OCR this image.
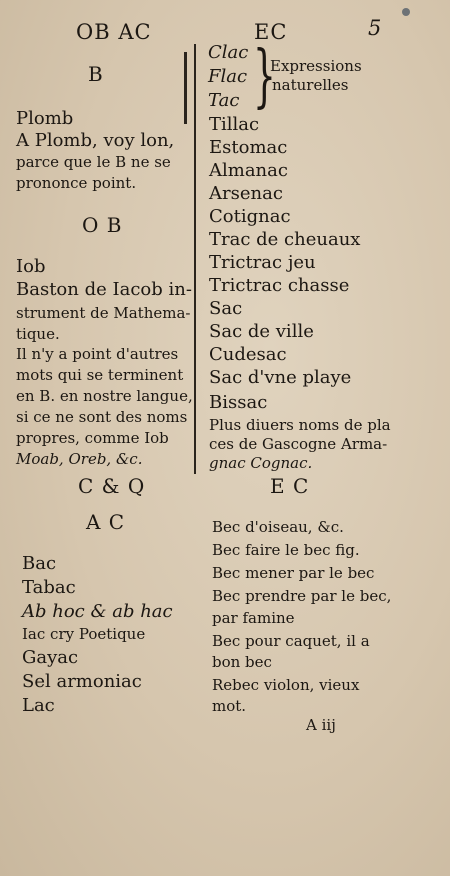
OB AC	EC	5
B
Plomb
A Plomb, voy lon,
parce que le B ne se
prononce point.
O B
Iob
Baston de Iacob in-
strument de Mathema-
tique.
Il n'y a point d'autres
mots qui se terminent
en B. en nostre langue,
si ce ne sont des noms
propres, comme Iob
Moab, Oreb, &c.
C & Q
A C
Bac
Tabac
Ab hoc & ab hac
Iac cry Poetique
Gayac
Sel armoniac
Lac
Clac
Flac
Tac }
Expressions
naturelles
Tillac
Estomac
Almanac
Arsenac
Cotignac
Trac de cheuaux
Trictrac jeu
Trictrac chasse
Sac
Sac de ville
Cudesac
Sac d'vne playe
Bissac
Plus diuers noms de pla
ces de Gascogne Arma-
gnac Cognac.
E C
Bec d'oiseau, &c.
Bec faire le bec fig.
Bec mener par le bec
Bec prendre par le bec,
par famine
Bec pour caquet, il a
bon bec
Rebec violon, vieux
mot.
A iij
